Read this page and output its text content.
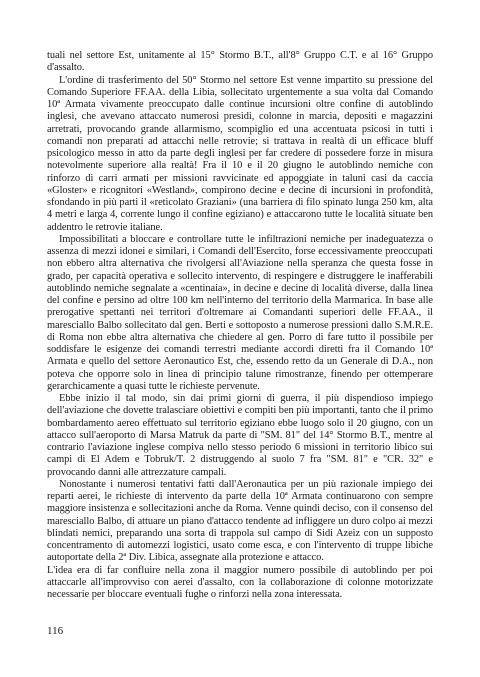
tuali nel settore Est, unitamente al 15° Stormo B.T., all'8° Gruppo C.T. e al 16° Gruppo d'assalto.

L'ordine di trasferimento del 50° Stormo nel settore Est venne impartito su pressione del Comando Superiore FF.AA. della Libia, sollecitato urgentemente a sua volta dal Comando 10ª Armata vivamente preoccupato dalle continue incursioni oltre confine di autoblindo inglesi, che avevano attaccato numerosi presidi, colonne in marcia, depositi e magazzini arretrati, provocando grande allarmismo, scompiglio ed una accentuata psicosi in tutti i comandi non preparati ad attacchi nelle retrovie; si trattava in realtà di un efficace bluff psicologico messo in atto da parte degli inglesi per far credere di possedere forze in misura notevolmente superiore alla realtà! Fra il 10 e il 20 giugno le autoblindo nemiche con rinforzo di carri armati per missioni ravvicinate ed appoggiate in taluni casi da caccia «Gloster» e ricognitori «Westland», compirono decine e decine di incursioni in profondità, sfondando in più parti il «reticolato Graziani» (una barriera di filo spinato lunga 250 km, alta 4 metri e larga 4, corrente lungo il confine egiziano) e attaccarono tutte le località situate ben addentro le retrovie italiane.

Impossibilitati a bloccare e controllare tutte le infiltrazioni nemiche per inadeguatezza o assenza di mezzi idonei e similari, i Comandi dell'Esercito, forse eccessivamente preoccupati non ebbero altra alternativa che rivolgersi all'Aviazione nella speranza che questa fosse in grado, per capacità operativa e sollecito intervento, di respingere e distruggere le inafferabili autoblindo nemiche segnalate a «centinaia», in decine e decine di località diverse, dalla linea del confine e persino ad oltre 100 km nell'interno del territorio della Marmarica. In base alle prerogative spettanti nei territori d'oltremare ai Comandanti superiori delle FF.AA., il maresciallo Balbo sollecitato dal gen. Berti e sottoposto a numerose pressioni dallo S.M.R.E. di Roma non ebbe altra alternativa che chiedere al gen. Porro di fare tutto il possibile per soddisfare le esigenze dei comandi terrestri mediante accordi diretti fra il Comando 10ª Armata e quello del settore Aeronautico Est, che, essendo retto da un Generale di D.A., non poteva che opporre solo in linea di principio talune rimostranze, finendo per ottemperare gerarchicamente a quasi tutte le richieste pervenute.

Ebbe inizio il tal modo, sin dai primi giorni di guerra, il più dispendioso impiego dell'aviazione che dovette tralasciare obiettivi e compiti ben più importanti, tanto che il primo bombardamento aereo effettuato sul territorio egiziano ebbe luogo solo il 20 giugno, con un attacco sull'aeroporto di Marsa Matruk da parte di "SM. 81" del 14° Stormo B.T., mentre al contrario l'aviazione inglese compiva nello stesso periodo 6 missioni in territorio libico sui campi di El Adem e Tobruk/T. 2 distruggendo al suolo 7 fra "SM. 81" e "CR. 32" e provocando danni alle attrezzature campali.

Nonostante i numerosi tentativi fatti dall'Aeronautica per un più razionale impiego dei reparti aerei, le richieste di intervento da parte della 10ª Armata continuarono con sempre maggiore insistenza e sollecitazioni anche da Roma. Venne quindi deciso, con il consenso del maresciallo Balbo, di attuare un piano d'attacco tendente ad infliggere un duro colpo ai mezzi blindati nemici, preparando una sorta di trappola sul campo di Sidi Azeiz con un supposto concentramento di automezzi logistici, usato come esca, e con l'intervento di truppe libiche autoportate della 2ª Div. Libica, assegnate alla protezione e attacco.

L'idea era di far confluire nella zona il maggior numero possibile di autoblindo per poi attaccarle all'improvviso con aerei d'assalto, con la collaborazione di colonne motorizzate necessarie per bloccare eventuali fughe o rinforzi nella zona interessata.

116
